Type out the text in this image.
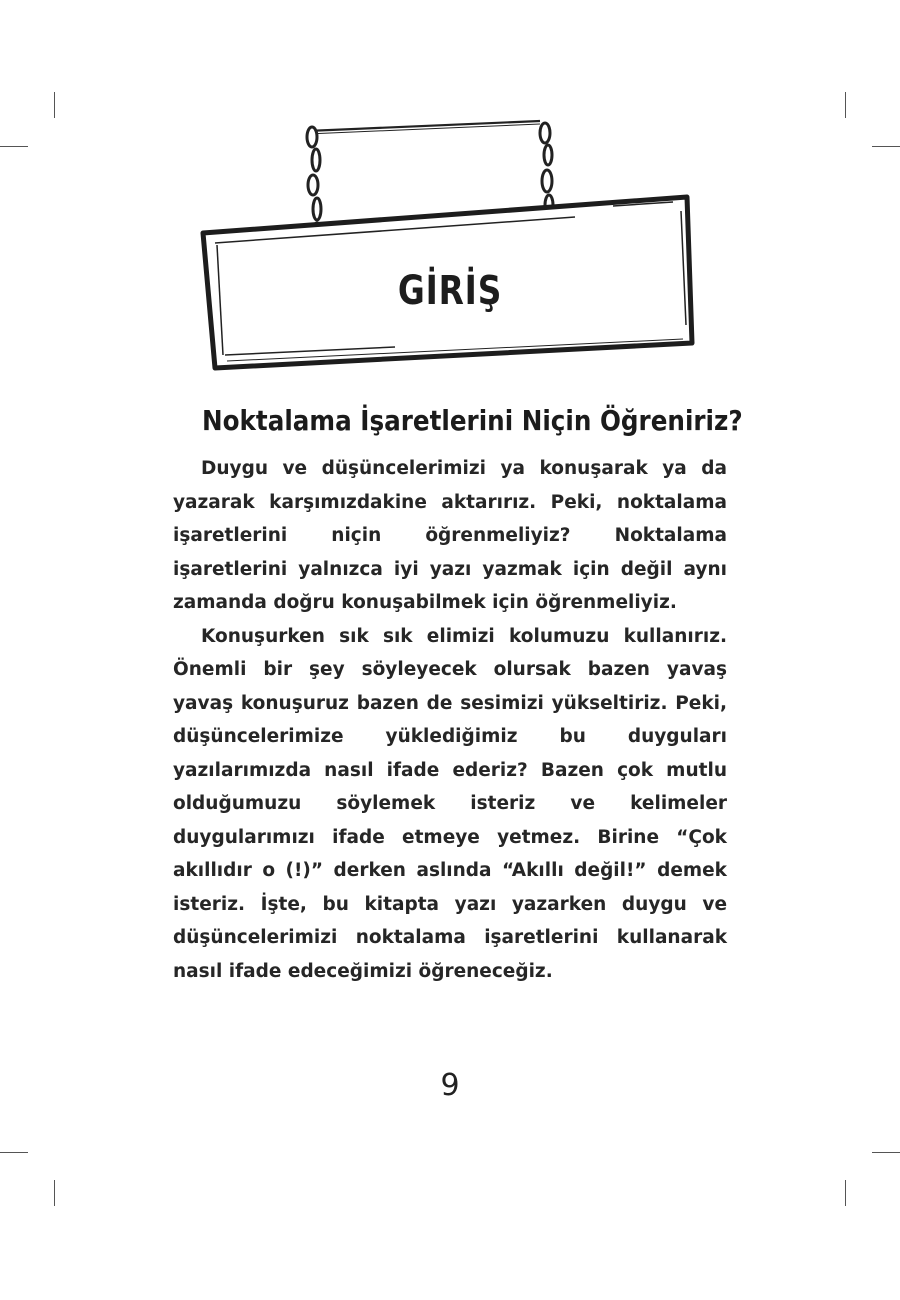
GİRİŞ
Noktalama İşaretlerini Niçin Öğreniriz?

Duygu ve düşüncelerimizi ya konuşarak ya da yazarak karşımızdakine aktarırız. Peki, noktalama işaretlerini niçin öğrenmeliyiz? Noktalama işaretlerini yalnızca iyi yazı yazmak için değil aynı zamanda doğru konuşabilmek için öğrenmeliyiz.

Konuşurken sık sık elimizi kolumuzu kullanırız. Önemli bir şey söyleyecek olursak bazen yavaş yavaş konuşuruz bazen de sesimizi yükseltiriz. Peki, düşüncelerimize yüklediğimiz bu duyguları yazılarımızda nasıl ifade ederiz? Bazen çok mutlu olduğumuzu söylemek isteriz ve kelimeler duygularımızı ifade etmeye yetmez. Birine “Çok akıllıdır o (!)” derken aslında “Akıllı değil!” demek isteriz. İşte, bu kitapta yazı yazarken duygu ve düşüncelerimizi noktalama işaretlerini kullanarak nasıl ifade edeceğimizi öğreneceğiz.

9
